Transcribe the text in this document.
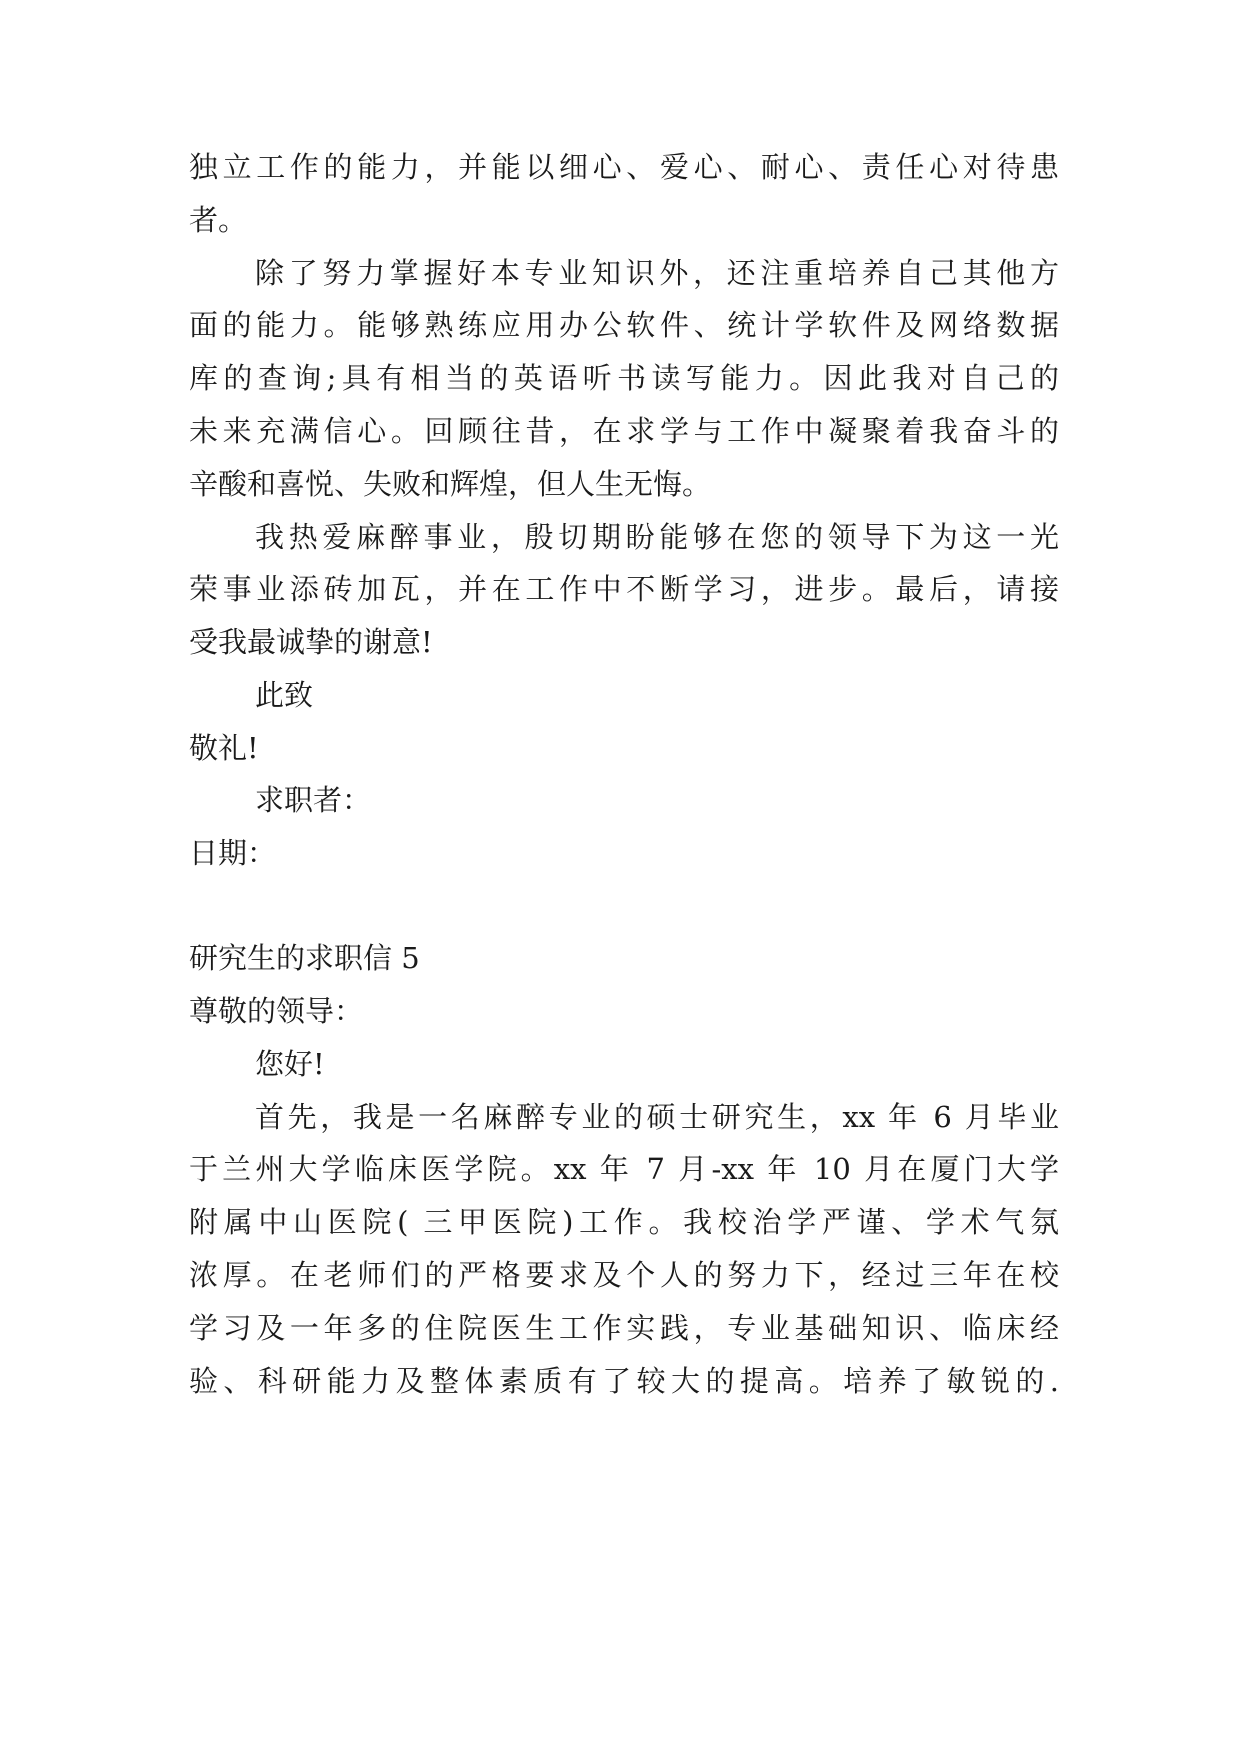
独立工作的能力，并能以细心、爱心、耐心、责任心对待患
者。
除了努力掌握好本专业知识外，还注重培养自己其他方
面的能力。能够熟练应用办公软件、统计学软件及网络数据
库的查询;具有相当的英语听书读写能力。因此我对自己的
未来充满信心。回顾往昔，在求学与工作中凝聚着我奋斗的
辛酸和喜悦、失败和辉煌，但人生无悔。
我热爱麻醉事业，殷切期盼能够在您的领导下为这一光
荣事业添砖加瓦，并在工作中不断学习，进步。最后，请接
受我最诚挚的谢意!
此致
敬礼!
求职者：
日期：
研究生的求职信 5
尊敬的领导：
您好!
首先，我是一名麻醉专业的硕士研究生，xx 年 6 月毕业
于兰州大学临床医学院。xx 年 7 月-xx 年 10 月在厦门大学
附属中山医院( 三甲医院)工作。我校治学严谨、学术气氛
浓厚。在老师们的严格要求及个人的努力下，经过三年在校
学习及一年多的住院医生工作实践，专业基础知识、临床经
验、科研能力及整体素质有了较大的提高。培养了敏锐的.
